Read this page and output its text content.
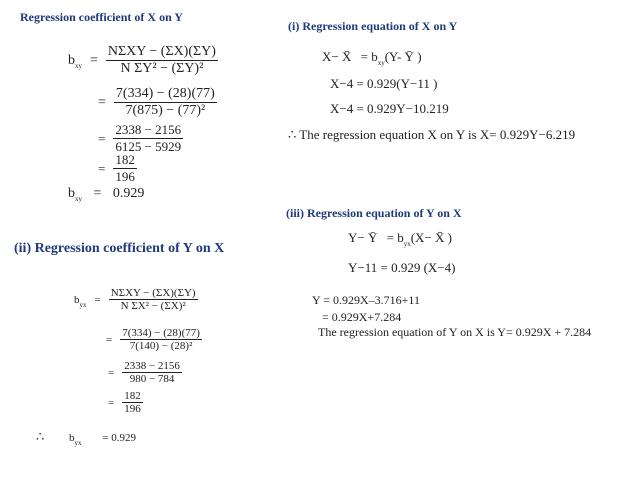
Regression coefficient of X on Y
$b_{xy} = \frac{\text{NΣXY − (ΣX)(ΣY)}}{\text{N ΣY² − (ΣY)²}}$
= $\frac{7(334) - (28)(77)}{\text{7(875) − (77)²}}$
= $\frac{2338 - 2156}{6125 - 5929}$
= $\frac{182}{196}$
$b_{xy} = 0.929$
(ii) Regression coefficient of Y on X
$b_{yx} = \frac{\text{NΣXY − (ΣX)(ΣY)}}{\text{N ΣX² − (ΣX)²}}$
= $\frac{7(334) - (28)(77)}{\text{7(140) − (28)²}}$
= $\frac{2338 - 2156}{980 - 784}$
= $\frac{182}{196}$
∴ $b_{yx} = 0.929$
(i) Regression equation of X on Y
X− X̄ = $b_{xy}(Y-$ Ȳ )
X−4 = 0.929(Y−11 )
X−4 = 0.929Y−10.219
∴ The regression equation X on Y is X= 0.929Y−6.219
(iii) Regression equation of Y on X
Y− Ȳ = $b_{yx}(X-$ X̄ )
Y−11 = 0.929 (X−4)
Y = 0.929X–3.716+11
= 0.929X+7.284
The regression equation of Y on X is Y= 0.929X + 7.284
